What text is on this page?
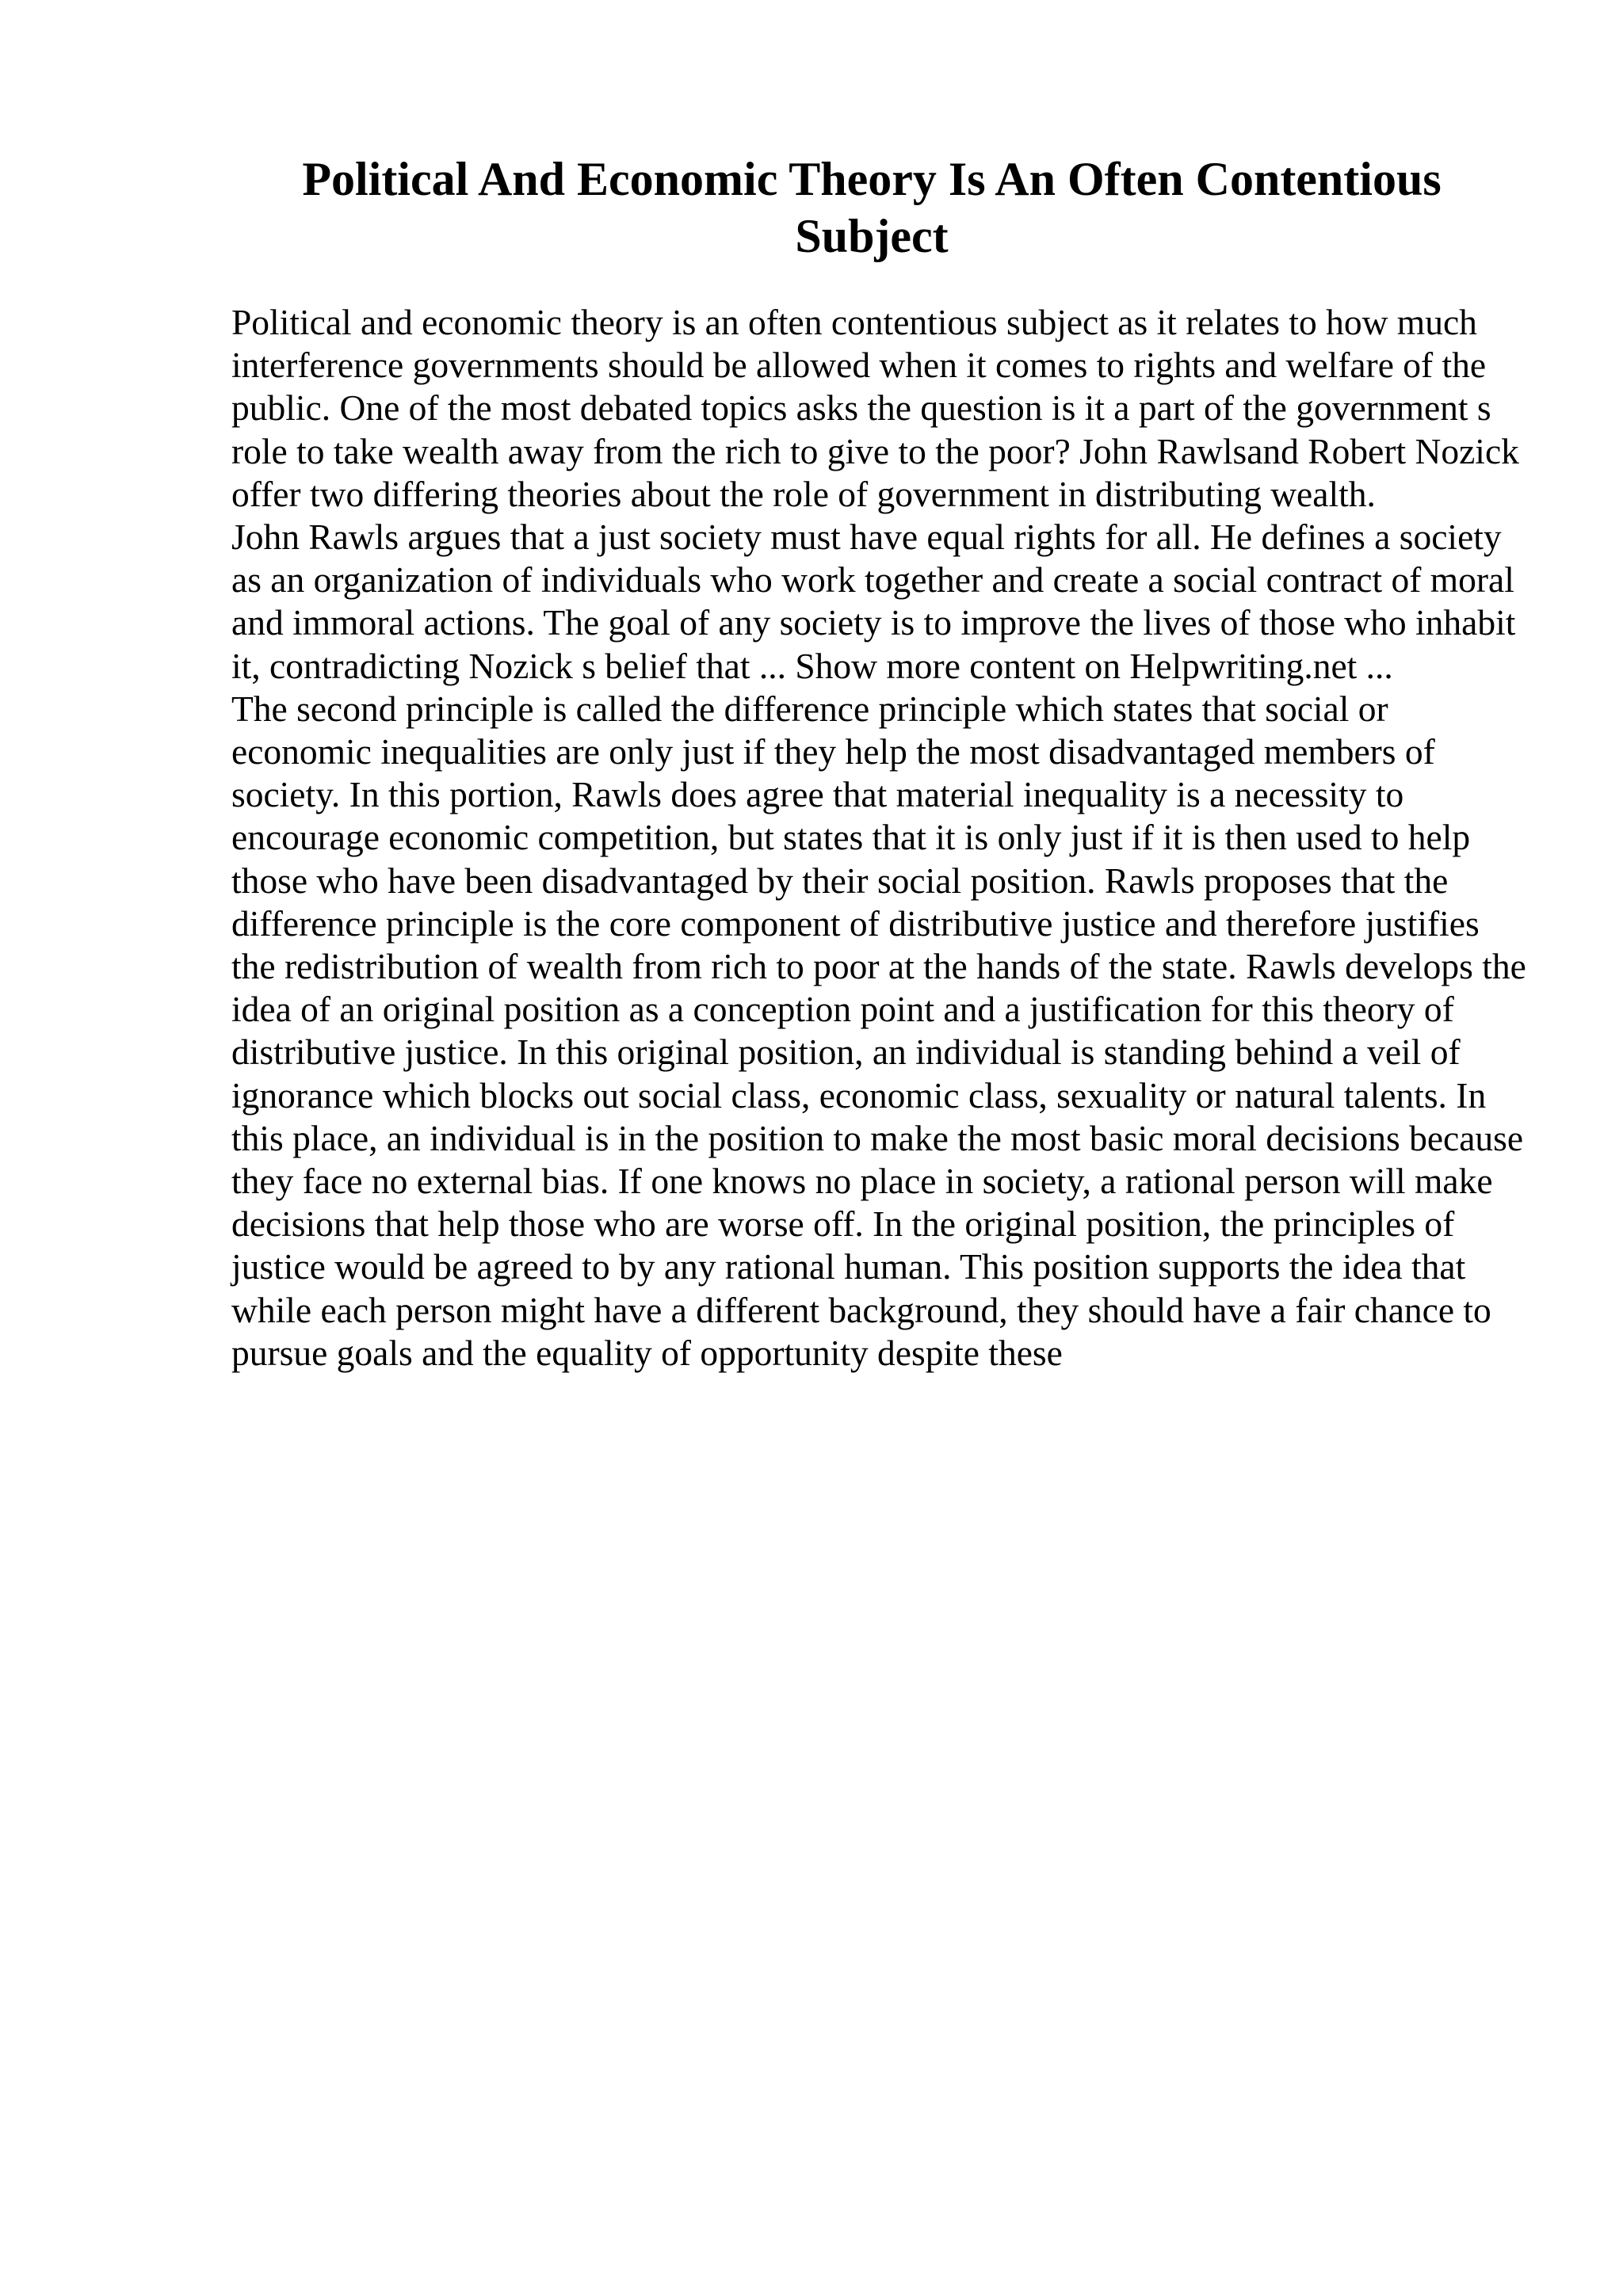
Political And Economic Theory Is An Often Contentious Subject

Political and economic theory is an often contentious subject as it relates to how much interference governments should be allowed when it comes to rights and welfare of the public. One of the most debated topics asks the question is it a part of the government s role to take wealth away from the rich to give to the poor? John Rawlsand Robert Nozick offer two differing theories about the role of government in distributing wealth.

John Rawls argues that a just society must have equal rights for all. He defines a society as an organization of individuals who work together and create a social contract of moral and immoral actions. The goal of any society is to improve the lives of those who inhabit it, contradicting Nozick s belief that ... Show more content on Helpwriting.net ...

The second principle is called the difference principle which states that social or economic inequalities are only just if they help the most disadvantaged members of society. In this portion, Rawls does agree that material inequality is a necessity to encourage economic competition, but states that it is only just if it is then used to help those who have been disadvantaged by their social position. Rawls proposes that the difference principle is the core component of distributive justice and therefore justifies the redistribution of wealth from rich to poor at the hands of the state. Rawls develops the idea of an original position as a conception point and a justification for this theory of distributive justice. In this original position, an individual is standing behind a veil of ignorance which blocks out social class, economic class, sexuality or natural talents. In this place, an individual is in the position to make the most basic moral decisions because they face no external bias. If one knows no place in society, a rational person will make decisions that help those who are worse off. In the original position, the principles of justice would be agreed to by any rational human. This position supports the idea that while each person might have a different background, they should have a fair chance to pursue goals and the equality of opportunity despite these
